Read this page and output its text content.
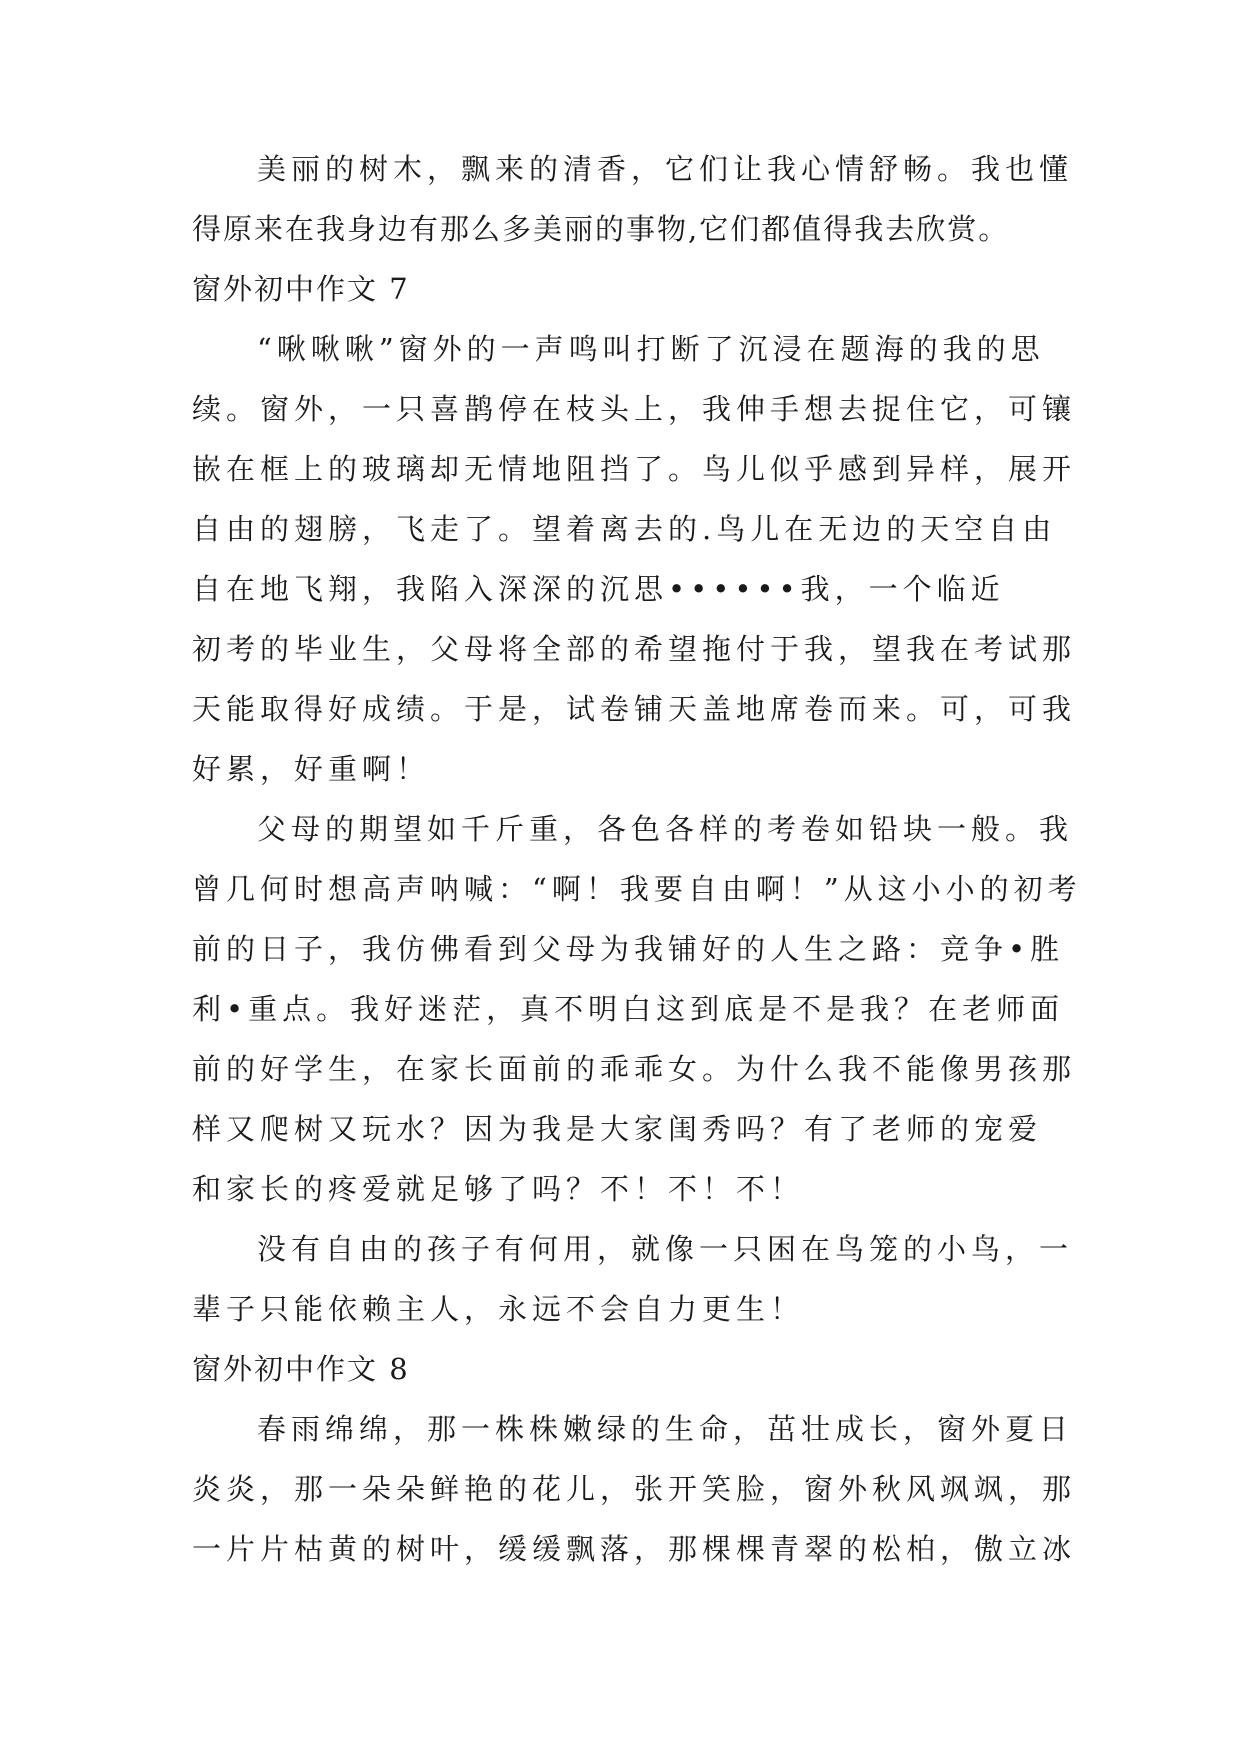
美丽的树木，飘来的清香，它们让我心情舒畅。我也懂
得原来在我身边有那么多美丽的事物,它们都值得我去欣赏。
窗外初中作文 7
“啾啾啾”窗外的一声鸣叫打断了沉浸在题海的我的思
续。窗外，一只喜鹊停在枝头上，我伸手想去捉住它，可镶
嵌在框上的玻璃却无情地阻挡了。鸟儿似乎感到异样，展开
自由的翅膀，飞走了。望着离去的.鸟儿在无边的天空自由
自在地飞翔，我陷入深深的沉思••••••我，一个临近
初考的毕业生，父母将全部的希望拖付于我，望我在考试那
天能取得好成绩。于是，试卷铺天盖地席卷而来。可，可我
好累，好重啊！
父母的期望如千斤重，各色各样的考卷如铅块一般。我
曾几何时想高声呐喊：“啊！我要自由啊！”从这小小的初考
前的日子，我仿佛看到父母为我铺好的人生之路：竞争•胜
利•重点。我好迷茫，真不明白这到底是不是我？在老师面
前的好学生，在家长面前的乖乖女。为什么我不能像男孩那
样又爬树又玩水？因为我是大家闺秀吗？有了老师的宠爱
和家长的疼爱就足够了吗？不！不！不！
没有自由的孩子有何用，就像一只困在鸟笼的小鸟，一
辈子只能依赖主人，永远不会自力更生！
窗外初中作文 8
春雨绵绵，那一株株嫩绿的生命，茁壮成长，窗外夏日
炎炎，那一朵朵鲜艳的花儿，张开笑脸，窗外秋风飒飒，那
一片片枯黄的树叶，缓缓飘落，那棵棵青翠的松柏，傲立冰
